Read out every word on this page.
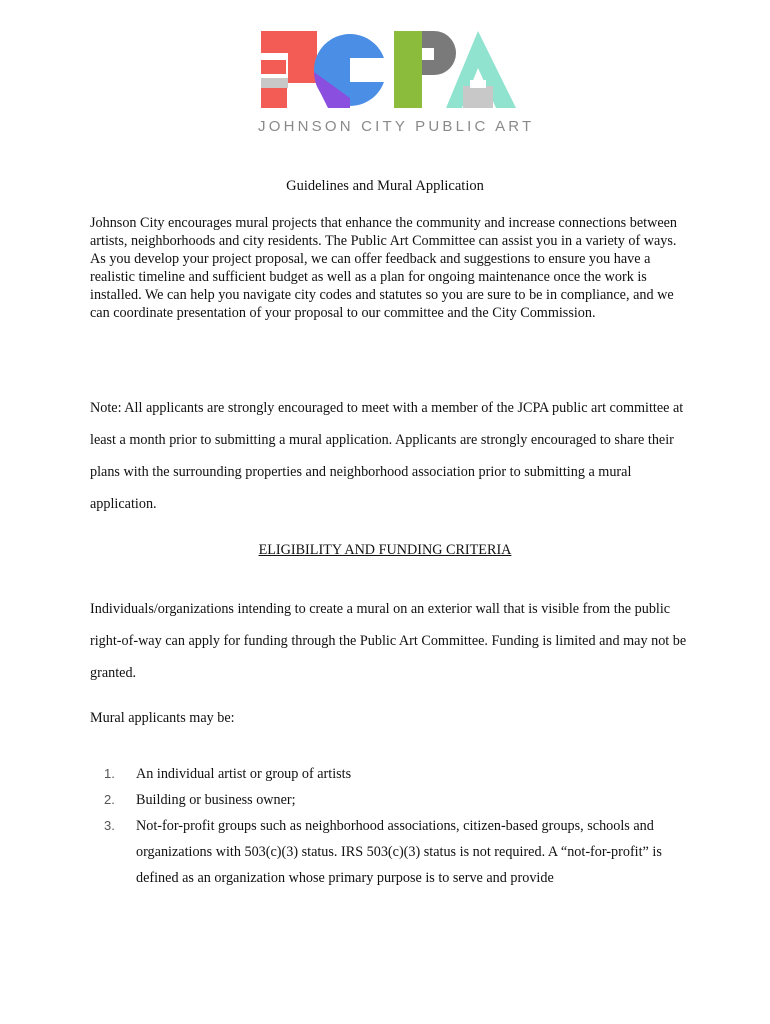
JOHNSON CITY PUBLIC ART
Guidelines and Mural Application

Johnson City encourages mural projects that enhance the community and increase connections between artists, neighborhoods and city residents. The Public Art Committee can assist you in a variety of ways. As you develop your project proposal, we can offer feedback and suggestions to ensure you have a realistic timeline and sufficient budget as well as a plan for ongoing maintenance once the work is installed. We can help you navigate city codes and statutes so you are sure to be in compliance, and we can coordinate presentation of your proposal to our committee and the City Commission.

Note: All applicants are strongly encouraged to meet with a member of the JCPA public art committee at least a month prior to submitting a mural application. Applicants are strongly encouraged to share their plans with the surrounding properties and neighborhood association prior to submitting a mural application.

ELIGIBILITY AND FUNDING CRITERIA

Individuals/organizations intending to create a mural on an exterior wall that is visible from the public right-of-way can apply for funding through the Public Art Committee. Funding is limited and may not be granted.

Mural applicants may be:

1. An individual artist or group of artists
2. Building or business owner;
3. Not-for-profit groups such as neighborhood associations, citizen-based groups, schools and organizations with 503(c)(3) status. IRS 503(c)(3) status is not required. A “not-for-profit” is defined as an organization whose primary purpose is to serve and provide
